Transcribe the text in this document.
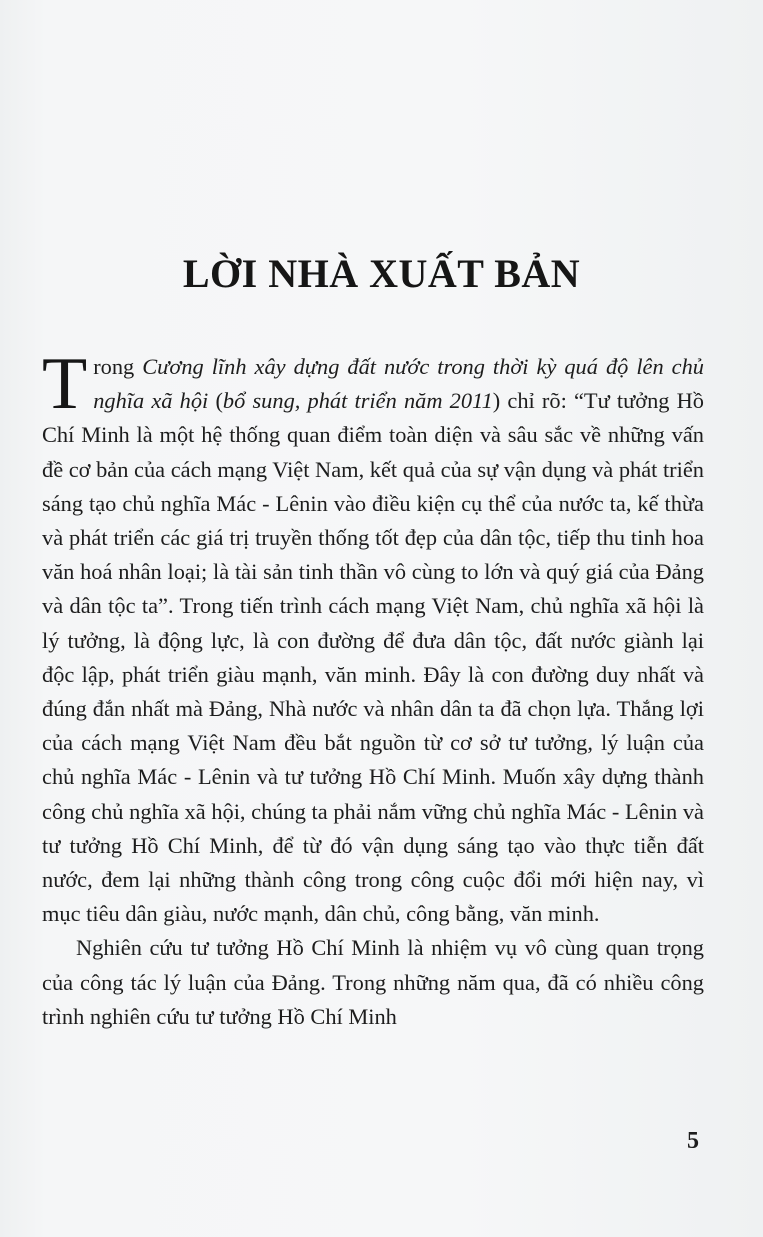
LỜI NHÀ XUẤT BẢN

Trong Cương lĩnh xây dựng đất nước trong thời kỳ quá độ lên chủ nghĩa xã hội (bổ sung, phát triển năm 2011) chỉ rõ: “Tư tưởng Hồ Chí Minh là một hệ thống quan điểm toàn diện và sâu sắc về những vấn đề cơ bản của cách mạng Việt Nam, kết quả của sự vận dụng và phát triển sáng tạo chủ nghĩa Mác - Lênin vào điều kiện cụ thể của nước ta, kế thừa và phát triển các giá trị truyền thống tốt đẹp của dân tộc, tiếp thu tinh hoa văn hoá nhân loại; là tài sản tinh thần vô cùng to lớn và quý giá của Đảng và dân tộc ta”. Trong tiến trình cách mạng Việt Nam, chủ nghĩa xã hội là lý tưởng, là động lực, là con đường để đưa dân tộc, đất nước giành lại độc lập, phát triển giàu mạnh, văn minh. Đây là con đường duy nhất và đúng đắn nhất mà Đảng, Nhà nước và nhân dân ta đã chọn lựa. Thắng lợi của cách mạng Việt Nam đều bắt nguồn từ cơ sở tư tưởng, lý luận của chủ nghĩa Mác - Lênin và tư tưởng Hồ Chí Minh. Muốn xây dựng thành công chủ nghĩa xã hội, chúng ta phải nắm vững chủ nghĩa Mác - Lênin và tư tưởng Hồ Chí Minh, để từ đó vận dụng sáng tạo vào thực tiễn đất nước, đem lại những thành công trong công cuộc đổi mới hiện nay, vì mục tiêu dân giàu, nước mạnh, dân chủ, công bằng, văn minh.

Nghiên cứu tư tưởng Hồ Chí Minh là nhiệm vụ vô cùng quan trọng của công tác lý luận của Đảng. Trong những năm qua, đã có nhiều công trình nghiên cứu tư tưởng Hồ Chí Minh

5
